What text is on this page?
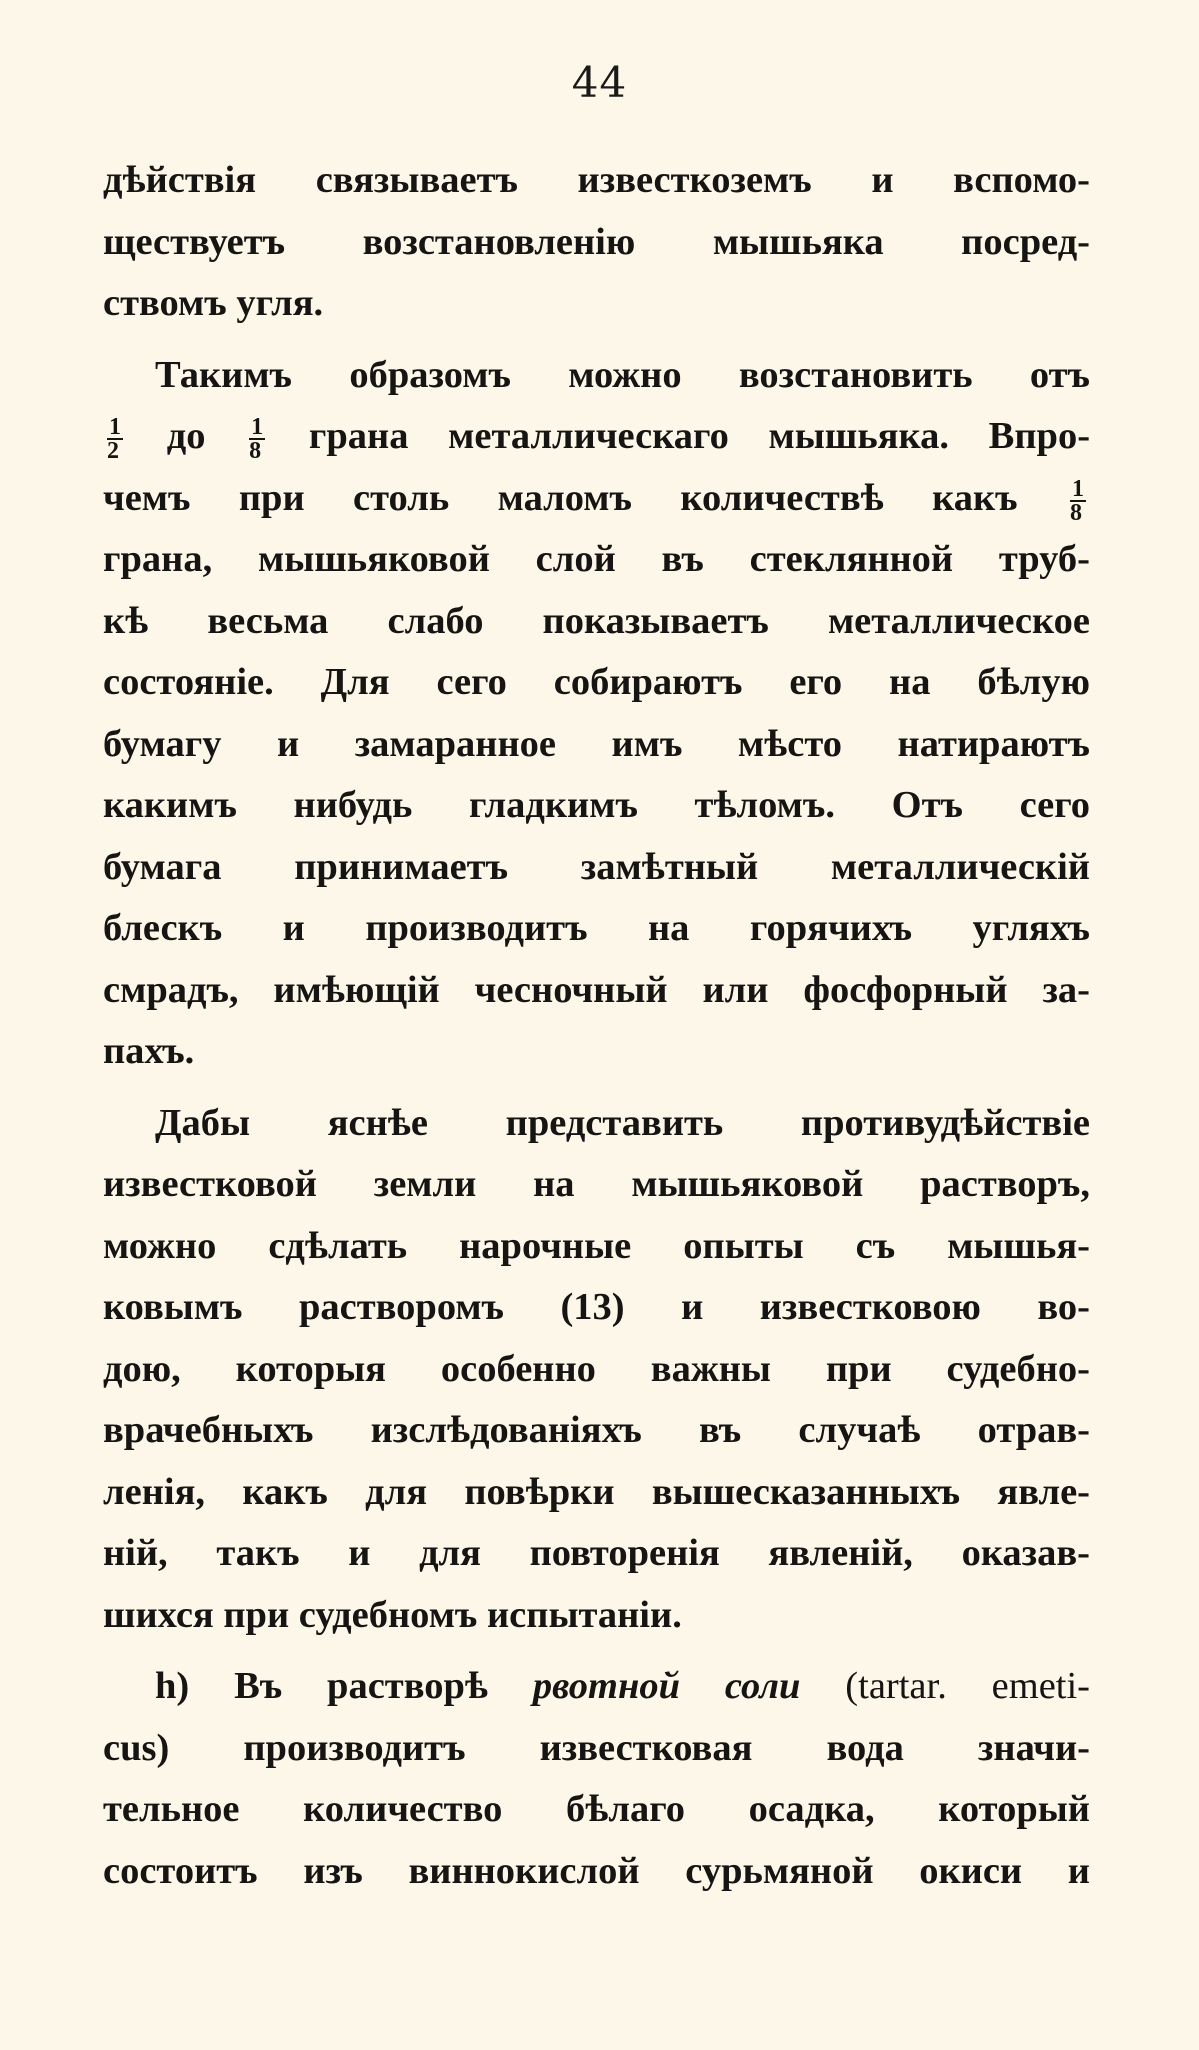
44
дѣйствія связываетъ известкоземъ и вспомо-
ществуетъ возстановленію мышьяка посред-
ствомъ угля.
Такимъ образомъ можно возстановить отъ
$\frac{1}{2}$ до $\frac{1}{8}$ грана металлическаго мышьяка. Впро-
чемъ при столь маломъ количествѣ какъ $\frac{1}{8}$
грана, мышьяковой слой въ стеклянной труб-
кѣ весьма слабо показываетъ металлическое
состояніе. Для сего собираютъ его на бѣлую
бумагу и замаранное имъ мѣсто натираютъ
какимъ нибудь гладкимъ тѣломъ. Отъ сего
бумага принимаетъ замѣтный металлическій
блескъ и производитъ на горячихъ угляхъ
смрадъ, имѣющій чесночный или фосфорный за-
пахъ.
Дабы яснѣе представить противудѣйствіе
известковой земли на мышьяковой растворъ,
можно сдѣлать нарочные опыты съ мышья-
ковымъ растворомъ (13) и известковою во-
дою, которыя особенно важны при судебно-
врачебныхъ изслѣдованіяхъ въ случаѣ отрав-
ленія, какъ для повѣрки вышесказанныхъ явле-
ній, такъ и для повторенія явленій, оказав-
шихся при судебномъ испытаніи.
h) Въ растворѣ рвотной соли (tartar. emeti-
cus) производитъ известковая вода значи-
тельное количество бѣлаго осадка, который
состоитъ изъ виннокислой сурьмяной окиси и
